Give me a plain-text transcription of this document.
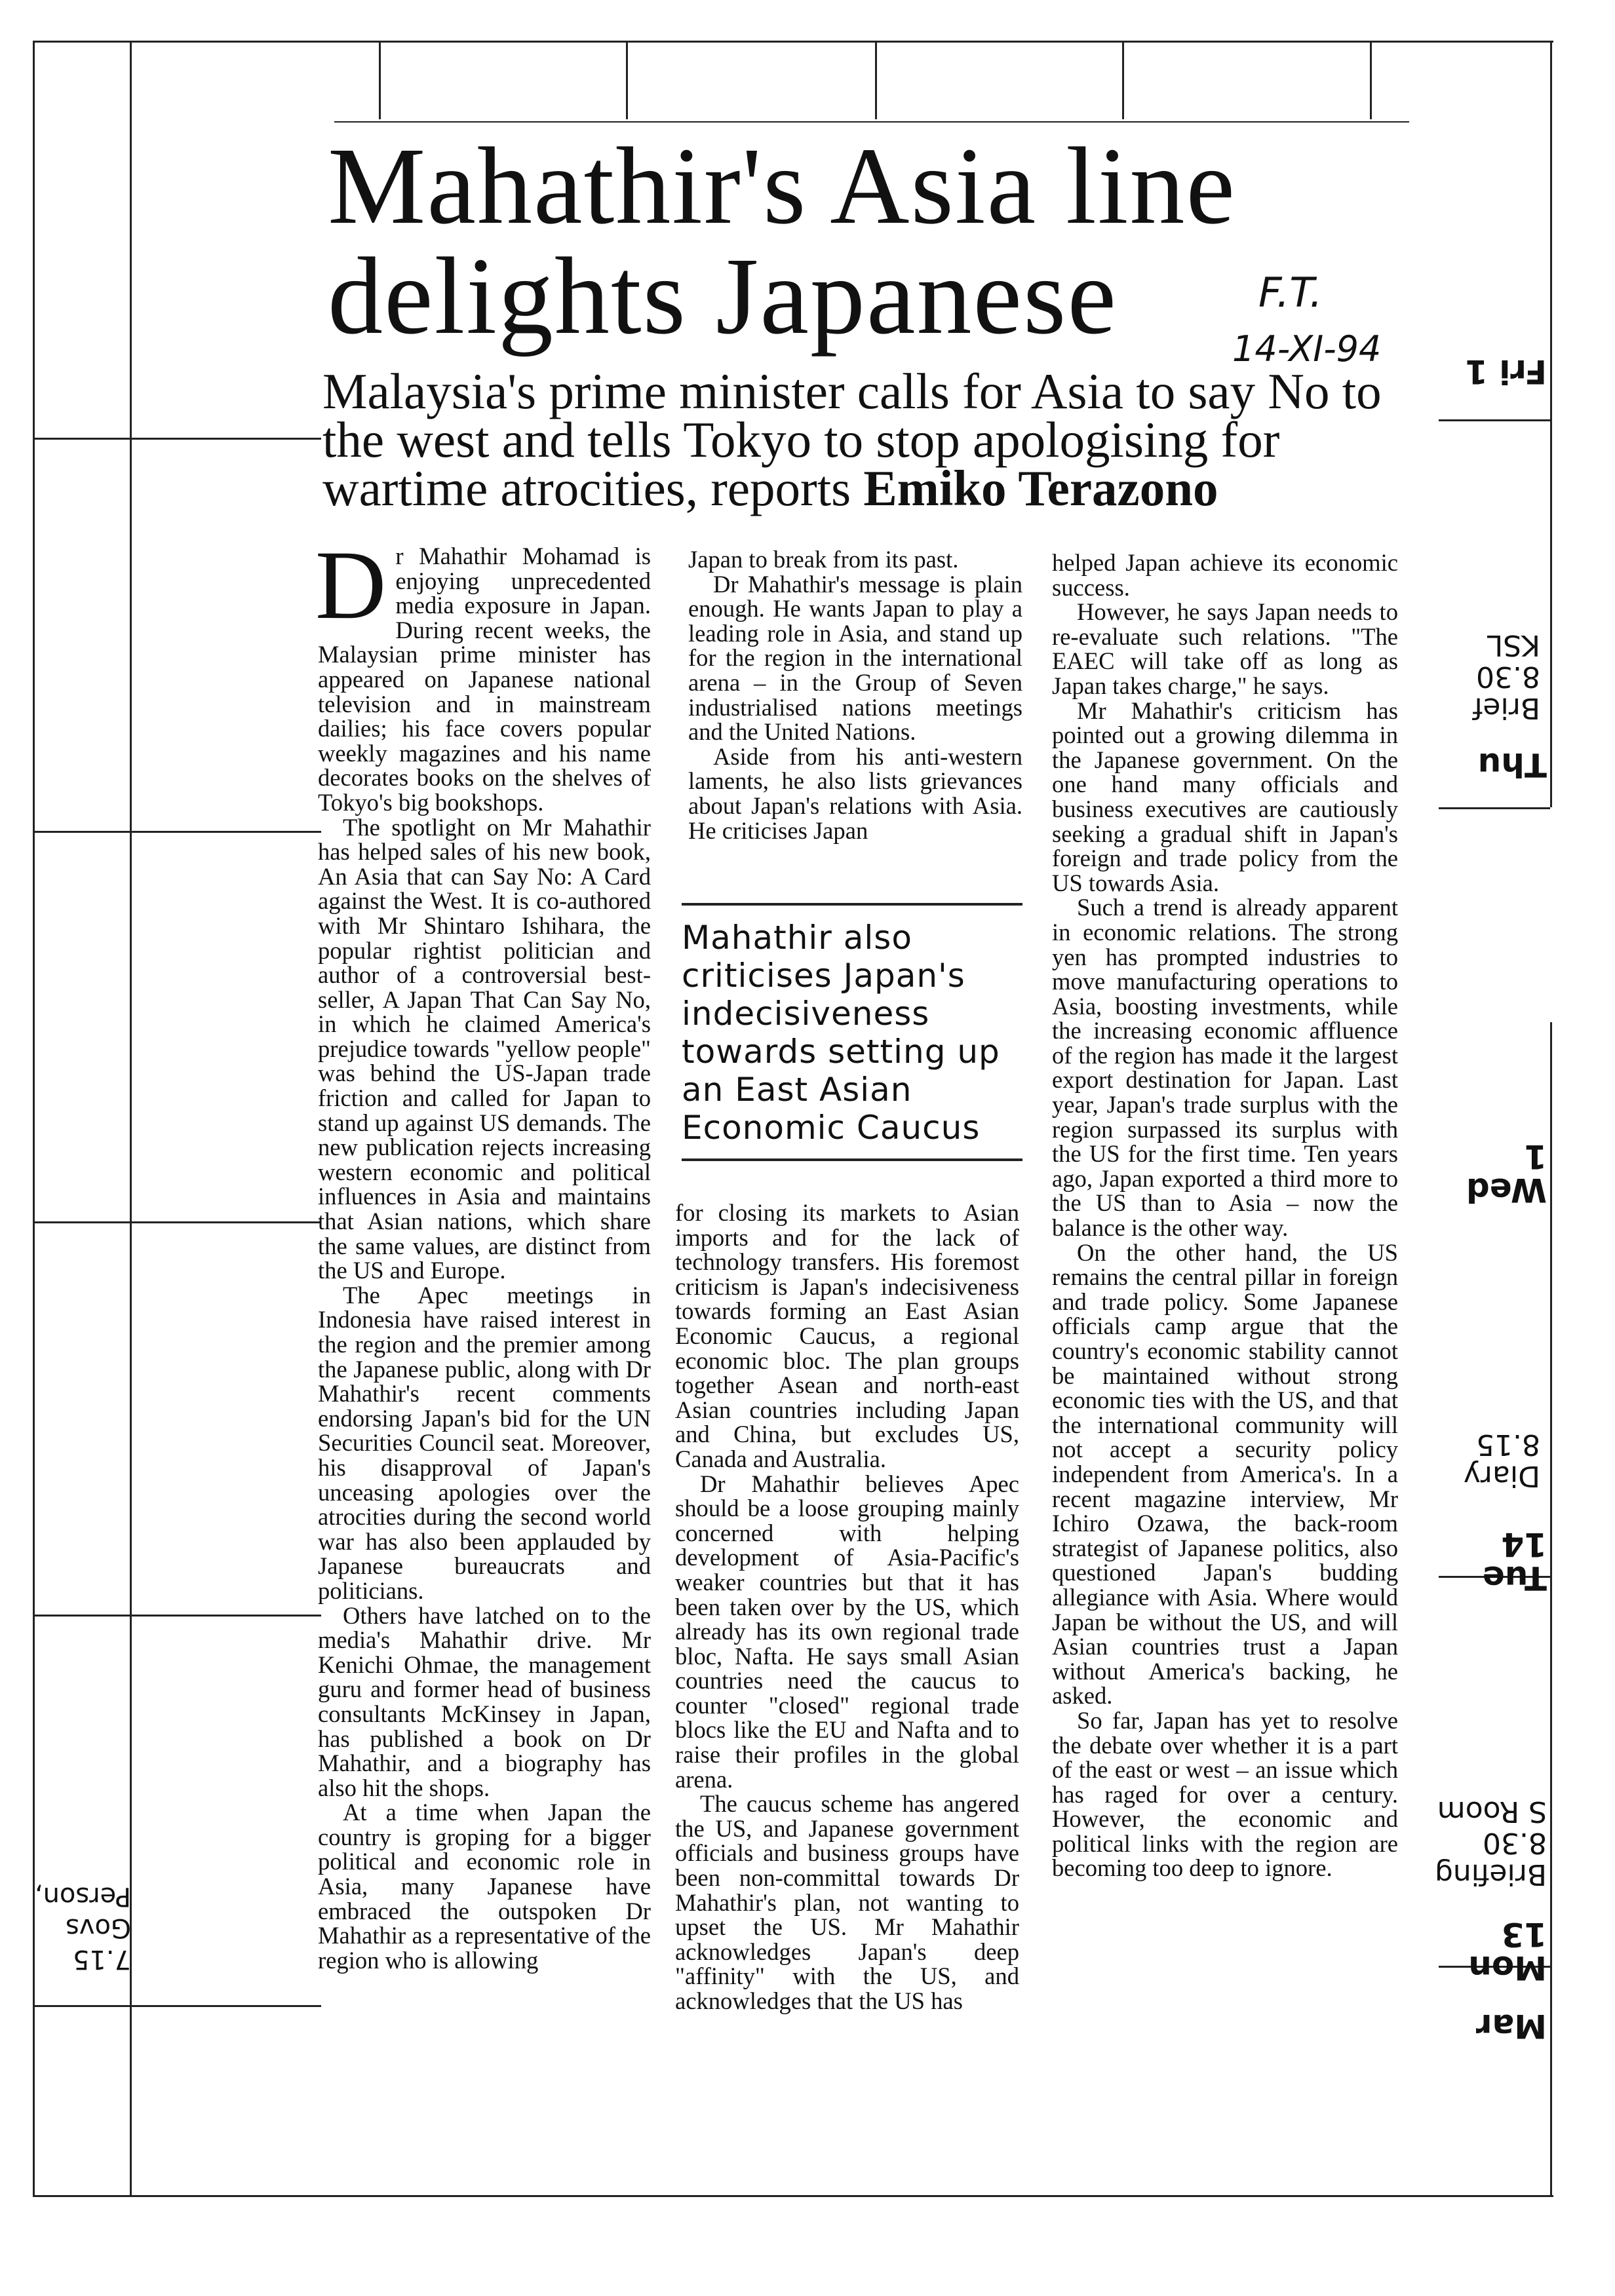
Mahathir's Asia line delights Japanese	F.T.
14-XI-94
Malaysia's prime minister calls for Asia to say No to the west and tells Tokyo to stop apologising for wartime atrocities, reports Emiko Terazono

Dr Mahathir Mohamad is enjoying unprecedented media exposure in Japan. During recent weeks, the Malaysian prime minister has appeared on Japanese national television and in mainstream dailies; his face covers popular weekly magazines and his name decorates books on the shelves of Tokyo's big bookshops.

The spotlight on Mr Mahathir has helped sales of his new book, An Asia that can Say No: A Card against the West. It is co-authored with Mr Shintaro Ishihara, the popular rightist politician and author of a controversial best-seller, A Japan That Can Say No, in which he claimed America's prejudice towards "yellow people" was behind the US-Japan trade friction and called for Japan to stand up against US demands. The new publication rejects increasing western economic and political influences in Asia and maintains that Asian nations, which share the same values, are distinct from the US and Europe.

The Apec meetings in Indonesia have raised interest in the region and the premier among the Japanese public, along with Dr Mahathir's recent comments endorsing Japan's bid for the UN Securities Council seat. Moreover, his disapproval of Japan's unceasing apologies over the atrocities during the second world war has also been applauded by Japanese bureaucrats and politicians.

Others have latched on to the media's Mahathir drive. Mr Kenichi Ohmae, the management guru and former head of business consultants McKinsey in Japan, has published a book on Dr Mahathir, and a biography has also hit the shops.

At a time when Japan the country is groping for a bigger political and economic role in Asia, many Japanese have embraced the outspoken Dr Mahathir as a representative of the region who is allowing

Japan to break from its past.

Dr Mahathir's message is plain enough. He wants Japan to play a leading role in Asia, and stand up for the region in the international arena – in the Group of Seven industrialised nations meetings and the United Nations.

Aside from his anti-western laments, he also lists grievances about Japan's relations with Asia. He criticises Japan

Mahathir also criticises Japan's indecisiveness towards setting up an East Asian Economic Caucus

for closing its markets to Asian imports and for the lack of technology transfers. His foremost criticism is Japan's indecisiveness towards forming an East Asian Economic Caucus, a regional economic bloc. The plan groups together Asean and north-east Asian countries including Japan and China, but excludes US, Canada and Australia.

Dr Mahathir believes Apec should be a loose grouping mainly concerned with helping development of Asia-Pacific's weaker countries but that it has been taken over by the US, which already has its own regional trade bloc, Nafta. He says small Asian countries need the caucus to counter "closed" regional trade blocs like the EU and Nafta and to raise their profiles in the global arena.

The caucus scheme has angered the US, and Japanese government officials and business groups have been non-committal towards Dr Mahathir's plan, not wanting to upset the US. Mr Mahathir acknowledges Japan's deep "affinity" with the US, and acknowledges that the US has

helped Japan achieve its economic success.

However, he says Japan needs to re-evaluate such relations. "The EAEC will take off as long as Japan takes charge," he says.

Mr Mahathir's criticism has pointed out a growing dilemma in the Japanese government. On the one hand many officials and business executives are cautiously seeking a gradual shift in Japan's foreign and trade policy from the US towards Asia.

Such a trend is already apparent in economic relations. The strong yen has prompted industries to move manufacturing operations to Asia, boosting investments, while the increasing economic affluence of the region has made it the largest export destination for Japan. Last year, Japan's trade surplus with the region surpassed its surplus with the US for the first time. Ten years ago, Japan exported a third more to the US than to Asia – now the balance is the other way.

On the other hand, the US remains the central pillar in foreign and trade policy. Some Japanese officials camp argue that the country's economic stability cannot be maintained without strong economic ties with the US, and that the international community will not accept a security policy independent from America's. In a recent magazine interview, Mr Ichiro Ozawa, the back-room strategist of Japanese politics, also questioned Japan's budding allegiance with Asia. Where would Japan be without the US, and will Asian countries trust a Japan without America's backing, he asked.

So far, Japan has yet to resolve the debate over whether it is a part of the east or west – an issue which has raged for over a century. However, the economic and political links with the region are becoming too deep to ignore.

Fri 1
Brief
8.30
KSL
Thu
Wed 1
Diary
8.15
Tue 14
Briefing
8.30
S Room
Mon 13
Mar
7.15
Govs
Person,
